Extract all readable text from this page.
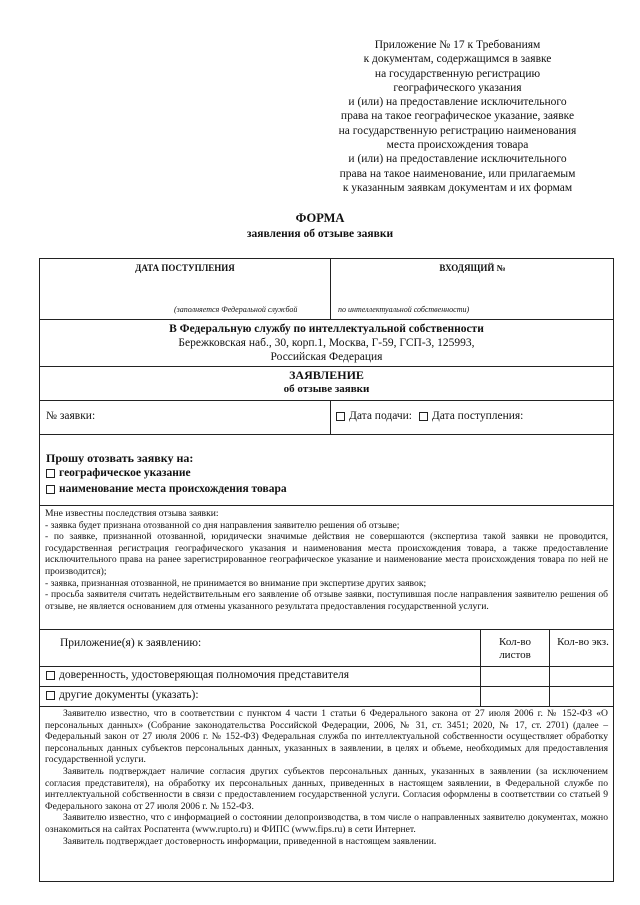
Приложение № 17 к Требованиям
к документам, содержащимся в заявке
на государственную регистрацию
географического указания
и (или) на предоставление исключительного
права на такое географическое указание, заявке
на государственную регистрацию наименования
места происхождения товара
и (или) на предоставление исключительного
права на такое наименование, или прилагаемым
к указанным заявкам документам и их формам
ФОРМА
заявления об отзыве заявки
ДАТА ПОСТУПЛЕНИЯ
(заполняется Федеральной службой
ВХОДЯЩИЙ №
по интеллектуальной собственности)
В Федеральную службу по интеллектуальной собственности
Бережковская наб., 30, корп.1, Москва, Г-59, ГСП-3, 125993,
Российская Федерация
ЗАЯВЛЕНИЕ
об отзыве заявки
№ заявки:	Дата подачи: Дата поступления:
Прошу отозвать заявку на:
географическое указание
наименование места происхождения товара
Мне известны последствия отзыва заявки:
- заявка будет признана отозванной со дня направления заявителю решения об отзыве;
- по заявке, признанной отозванной, юридически значимые действия не совершаются (экспертиза такой заявки не проводится, государственная регистрация географического указания и наименования места происхождения товара, а также предоставление исключительного права на ранее зарегистрированное географическое указание и наименование места происхождения товара по ней не производится);
- заявка, признанная отозванной, не принимается во внимание при экспертизе других заявок;
- просьба заявителя считать недействительным его заявление об отзыве заявки, поступившая после направления заявителю решения об отзыве, не является основанием для отмены указанного результата предоставления государственной услуги.
Приложение(я) к заявлению:	Кол-во листов
Кол-во экз.
доверенность, удостоверяющая полномочия представителя
другие документы (указать):
Заявителю известно, что в соответствии с пунктом 4 части 1 статьи 6 Федерального закона от 27 июля 2006 г. № 152-ФЗ «О персональных данных» (Собрание законодательства Российской Федерации, 2006, № 31, ст. 3451; 2020, № 17, ст. 2701) (далее – Федеральный закон от 27 июля 2006 г. № 152-ФЗ) Федеральная служба по интеллектуальной собственности осуществляет обработку персональных данных субъектов персональных данных, указанных в заявлении, в целях и объеме, необходимых для предоставления государственной услуги.
Заявитель подтверждает наличие согласия других субъектов персональных данных, указанных в заявлении (за исключением согласия представителя), на обработку их персональных данных, приведенных в настоящем заявлении, в Федеральной службе по интеллектуальной собственности в связи с предоставлением государственной услуги. Согласия оформлены в соответствии со статьей 9 Федерального закона от 27 июля 2006 г. № 152-ФЗ.
Заявителю известно, что с информацией о состоянии делопроизводства, в том числе о направленных заявителю документах, можно ознакомиться на сайтах Роспатента (www.rupto.ru) и ФИПС (www.fips.ru) в сети Интернет.
Заявитель подтверждает достоверность информации, приведенной в настоящем заявлении.
